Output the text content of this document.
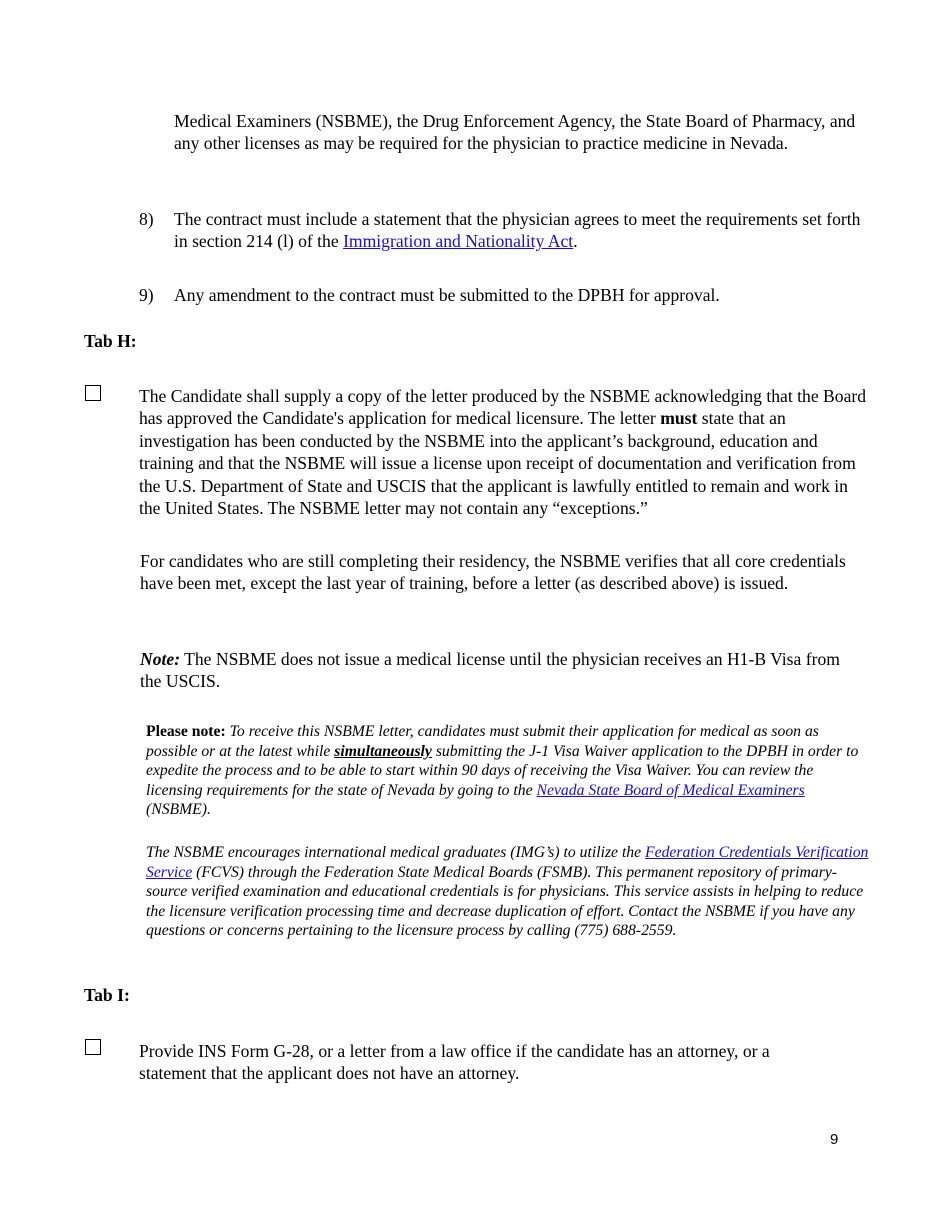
Medical Examiners (NSBME), the Drug Enforcement Agency, the State Board of Pharmacy, and any other licenses as may be required for the physician to practice medicine in Nevada.
8) The contract must include a statement that the physician agrees to meet the requirements set forth in section 214 (l) of the Immigration and Nationality Act.
9) Any amendment to the contract must be submitted to the DPBH for approval.
Tab H:
The Candidate shall supply a copy of the letter produced by the NSBME acknowledging that the Board has approved the Candidate's application for medical licensure. The letter must state that an investigation has been conducted by the NSBME into the applicant’s background, education and training and that the NSBME will issue a license upon receipt of documentation and verification from the U.S. Department of State and USCIS that the applicant is lawfully entitled to remain and work in the United States. The NSBME letter may not contain any “exceptions.”
For candidates who are still completing their residency, the NSBME verifies that all core credentials have been met, except the last year of training, before a letter (as described above) is issued.
Note: The NSBME does not issue a medical license until the physician receives an H1-B Visa from the USCIS.
Please note: To receive this NSBME letter, candidates must submit their application for medical as soon as possible or at the latest while simultaneously submitting the J-1 Visa Waiver application to the DPBH in order to expedite the process and to be able to start within 90 days of receiving the Visa Waiver. You can review the licensing requirements for the state of Nevada by going to the Nevada State Board of Medical Examiners (NSBME).
The NSBME encourages international medical graduates (IMG’s) to utilize the Federation Credentials Verification Service (FCVS) through the Federation State Medical Boards (FSMB). This permanent repository of primary-source verified examination and educational credentials is for physicians. This service assists in helping to reduce the licensure verification processing time and decrease duplication of effort. Contact the NSBME if you have any questions or concerns pertaining to the licensure process by calling (775) 688-2559.
Tab I:
Provide INS Form G-28, or a letter from a law office if the candidate has an attorney, or a statement that the applicant does not have an attorney.
9
